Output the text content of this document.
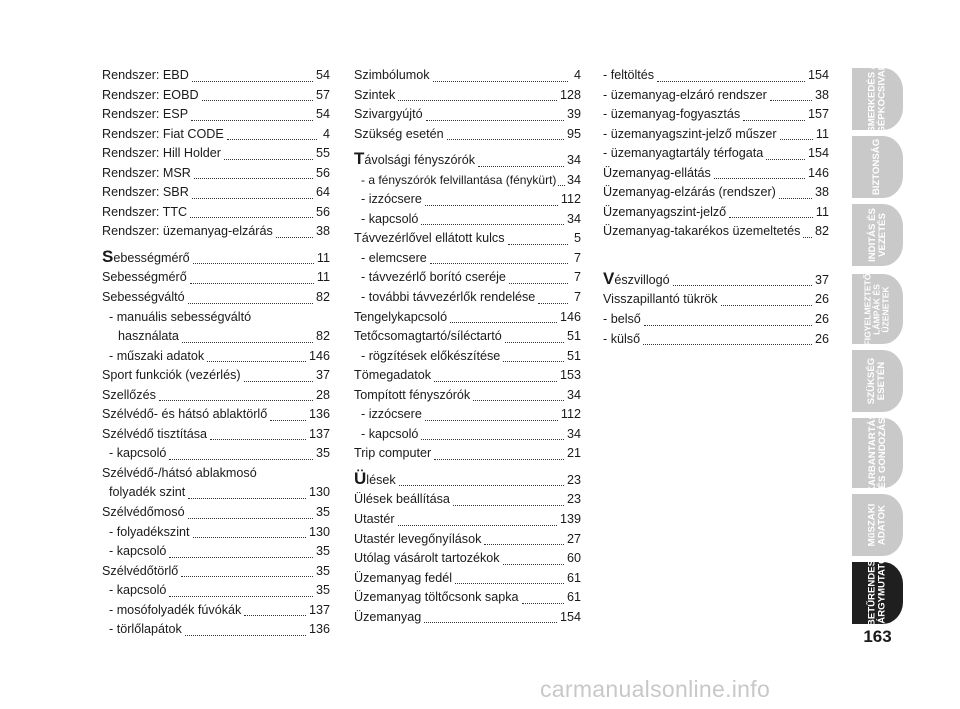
Rendszer: EBD	54
Rendszer: EOBD	57
Rendszer: ESP	54
Rendszer: Fiat CODE	4
Rendszer: Hill Holder	55
Rendszer: MSR	56
Rendszer: SBR	64
Rendszer: TTC	56
Rendszer: üzemanyag-elzárás	38
Sebességmérő	11
Sebességmérő	11
Sebességváltó	82
- manuális sebességváltó
használata	82
- műszaki adatok	146
Sport funkciók (vezérlés)	37
Szellőzés	28
Szélvédő- és hátsó ablaktörlő	136
Szélvédő tisztítása	137
- kapcsoló	35
Szélvédő-/hátsó ablakmosó
folyadék szint	130
Szélvédőmosó	35
- folyadékszint	130
- kapcsoló	35
Szélvédőtörlő	35
- kapcsoló	35
- mosófolyadék fúvókák	137
- törlőlapátok	136
Szimbólumok	4
Szintek	128
Szivargyújtó	39
Szükség esetén	95
Távolsági fényszórók	34
- a fényszórók felvillantása (fénykürt) 34
- izzócsere	112
- kapcsoló	34
Távvezérlővel ellátott kulcs	5
- elemcsere	7
- távvezérlő borító cseréje	7
- további távvezérlők rendelése	7
Tengelykapcsoló	146
Tetőcsomagtartó/síléctartó	51
- rögzítések előkészítése	51
Tömegadatok	153
Tompított fényszórók	34
- izzócsere	112
- kapcsoló	34
Trip computer	21
Ülések	23
Ülések beállítása	23
Utastér	139
Utastér levegőnyílások	27
Utólag vásárolt tartozékok	60
Üzemanyag fedél	61
Üzemanyag töltőcsonk sapka	61
Üzemanyag	154
- feltöltés	154
- üzemanyag-elzáró rendszer	38
- üzemanyag-fogyasztás	157
- üzemanyagszint-jelző műszer	11
- üzemanyagtartály térfogata	154
Üzemanyag-ellátás	146
Üzemanyag-elzárás (rendszer)	38
Üzemanyagszint-jelző	11
Üzemanyag-takarékos üzemeltetés 82
Vészvillogó	37
Visszapillantó tükrök	26
- belső	26
- külső	26
ISMERKEDÉS A GÉPKOCSIVAL
BIZTONSÁG
INDITÁS ÉS VEZETÉS
FIGYELMEZTETŐ LÁMPÁK ÉS ÜZENETEK
SZÜKSÉG ESETÉN
KARBANTARTÁS ÉS GONDOZÁS
MűSZAKI ADATOK
BETŰRENDES TÁRGYMUTATÓ
163
carmanualsonline.info
